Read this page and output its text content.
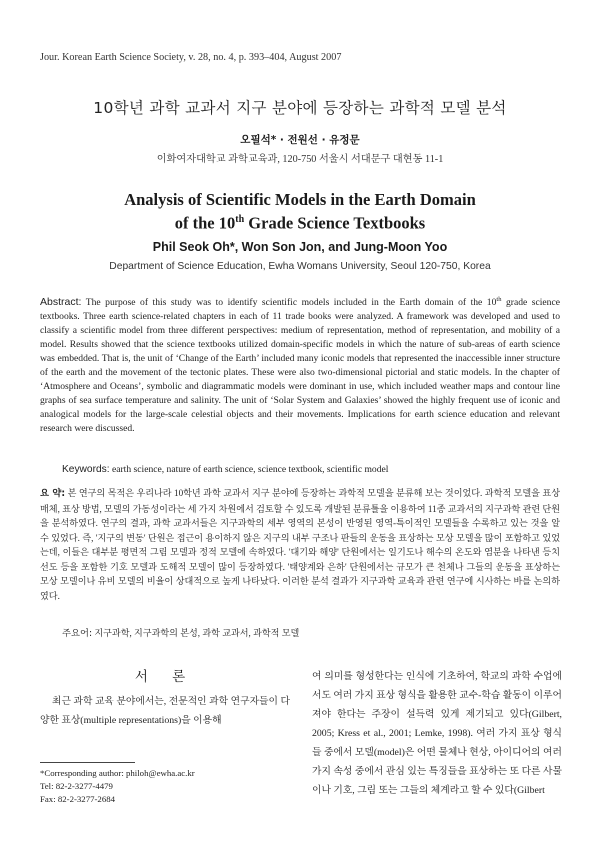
Jour. Korean Earth Science Society, v. 28, no. 4, p. 393–404, August 2007
10학년 과학 교과서 지구 분야에 등장하는 과학적 모델 분석
오필석* · 전원선 · 유정문
이화여자대학교 과학교육과, 120-750 서울시 서대문구 대현동 11-1
Analysis of Scientific Models in the Earth Domain
of the 10th Grade Science Textbooks
Phil Seok Oh*, Won Son Jon, and Jung-Moon Yoo
Department of Science Education, Ewha Womans University, Seoul 120-750, Korea
Abstract: The purpose of this study was to identify scientific models included in the Earth domain of the 10th grade science textbooks. Three earth science-related chapters in each of 11 trade books were analyzed. A framework was developed and used to classify a scientific model from three different perspectives: medium of representation, method of representation, and mobility of a model. Results showed that the science textbooks utilized domain-specific models in which the nature of sub-areas of earth science was embedded. That is, the unit of ‘Change of the Earth’ included many iconic models that represented the inaccessible inner structure of the earth and the movement of the tectonic plates. These were also two-dimensional pictorial and static models. In the chapter of ‘Atmosphere and Oceans’, symbolic and diagrammatic models were dominant in use, which included weather maps and contour line graphs of sea surface temperature and salinity. The unit of ‘Solar System and Galaxies’ showed the highly frequent use of iconic and analogical models for the large-scale celestial objects and their movements. Implications for earth science education and relevant research were discussed.
Keywords: earth science, nature of earth science, science textbook, scientific model
요 약: 본 연구의 목적은 우리나라 10학년 과학 교과서 지구 분야에 등장하는 과학적 모델을 분류해 보는 것이었다. 과학적 모델을 표상 매체, 표상 방법, 모델의 가동성이라는 세 가지 차원에서 검토할 수 있도록 개발된 분류틀을 이용하여 11종 교과서의 지구과학 관련 단원을 분석하였다. 연구의 결과, 과학 교과서들은 지구과학의 세부 영역의 본성이 반영된 영역-특이적인 모델들을 수록하고 있는 것을 알 수 있었다. 즉, '지구의 변동' 단원은 접근이 용이하지 않은 지구의 내부 구조나 판들의 운동을 표상하는 모상 모델을 많이 포함하고 있었는데, 이들은 대부분 평면적 그림 모델과 정적 모델에 속하였다. '대기와 해양' 단원에서는 일기도나 해수의 온도와 염분을 나타낸 등치선도 등을 포함한 기호 모델과 도해적 모델이 많이 등장하였다. '태양계와 은하' 단원에서는 규모가 큰 천체나 그들의 운동을 표상하는 모상 모델이나 유비 모델의 비율이 상대적으로 높게 나타났다. 이러한 분석 결과가 지구과학 교육과 관련 연구에 시사하는 바를 논의하였다.
주요어: 지구과학, 지구과학의 본성, 과학 교과서, 과학적 모델
서 론
최근 과학 교육 분야에서는, 전문적인 과학 연구자들이 다양한 표상(multiple representations)을 이용해
*Corresponding author: philoh@ewha.ac.kr
Tel: 82-2-3277-4479
Fax: 82-2-3277-2684
여 의미를 형성한다는 인식에 기초하여, 학교의 과학 수업에서도 여러 가지 표상 형식을 활용한 교수-학습 활동이 이루어져야 한다는 주장이 설득력 있게 제기되고 있다(Gilbert, 2005; Kress et al., 2001; Lemke, 1998). 여러 가지 표상 형식들 중에서 모델(model)은 어떤 물체나 현상, 아이디어의 여러 가지 속성 중에서 관심 있는 특징들을 표상하는 또 다른 사물이나 기호, 그림 또는 그들의 체계라고 할 수 있다(Gilbert
